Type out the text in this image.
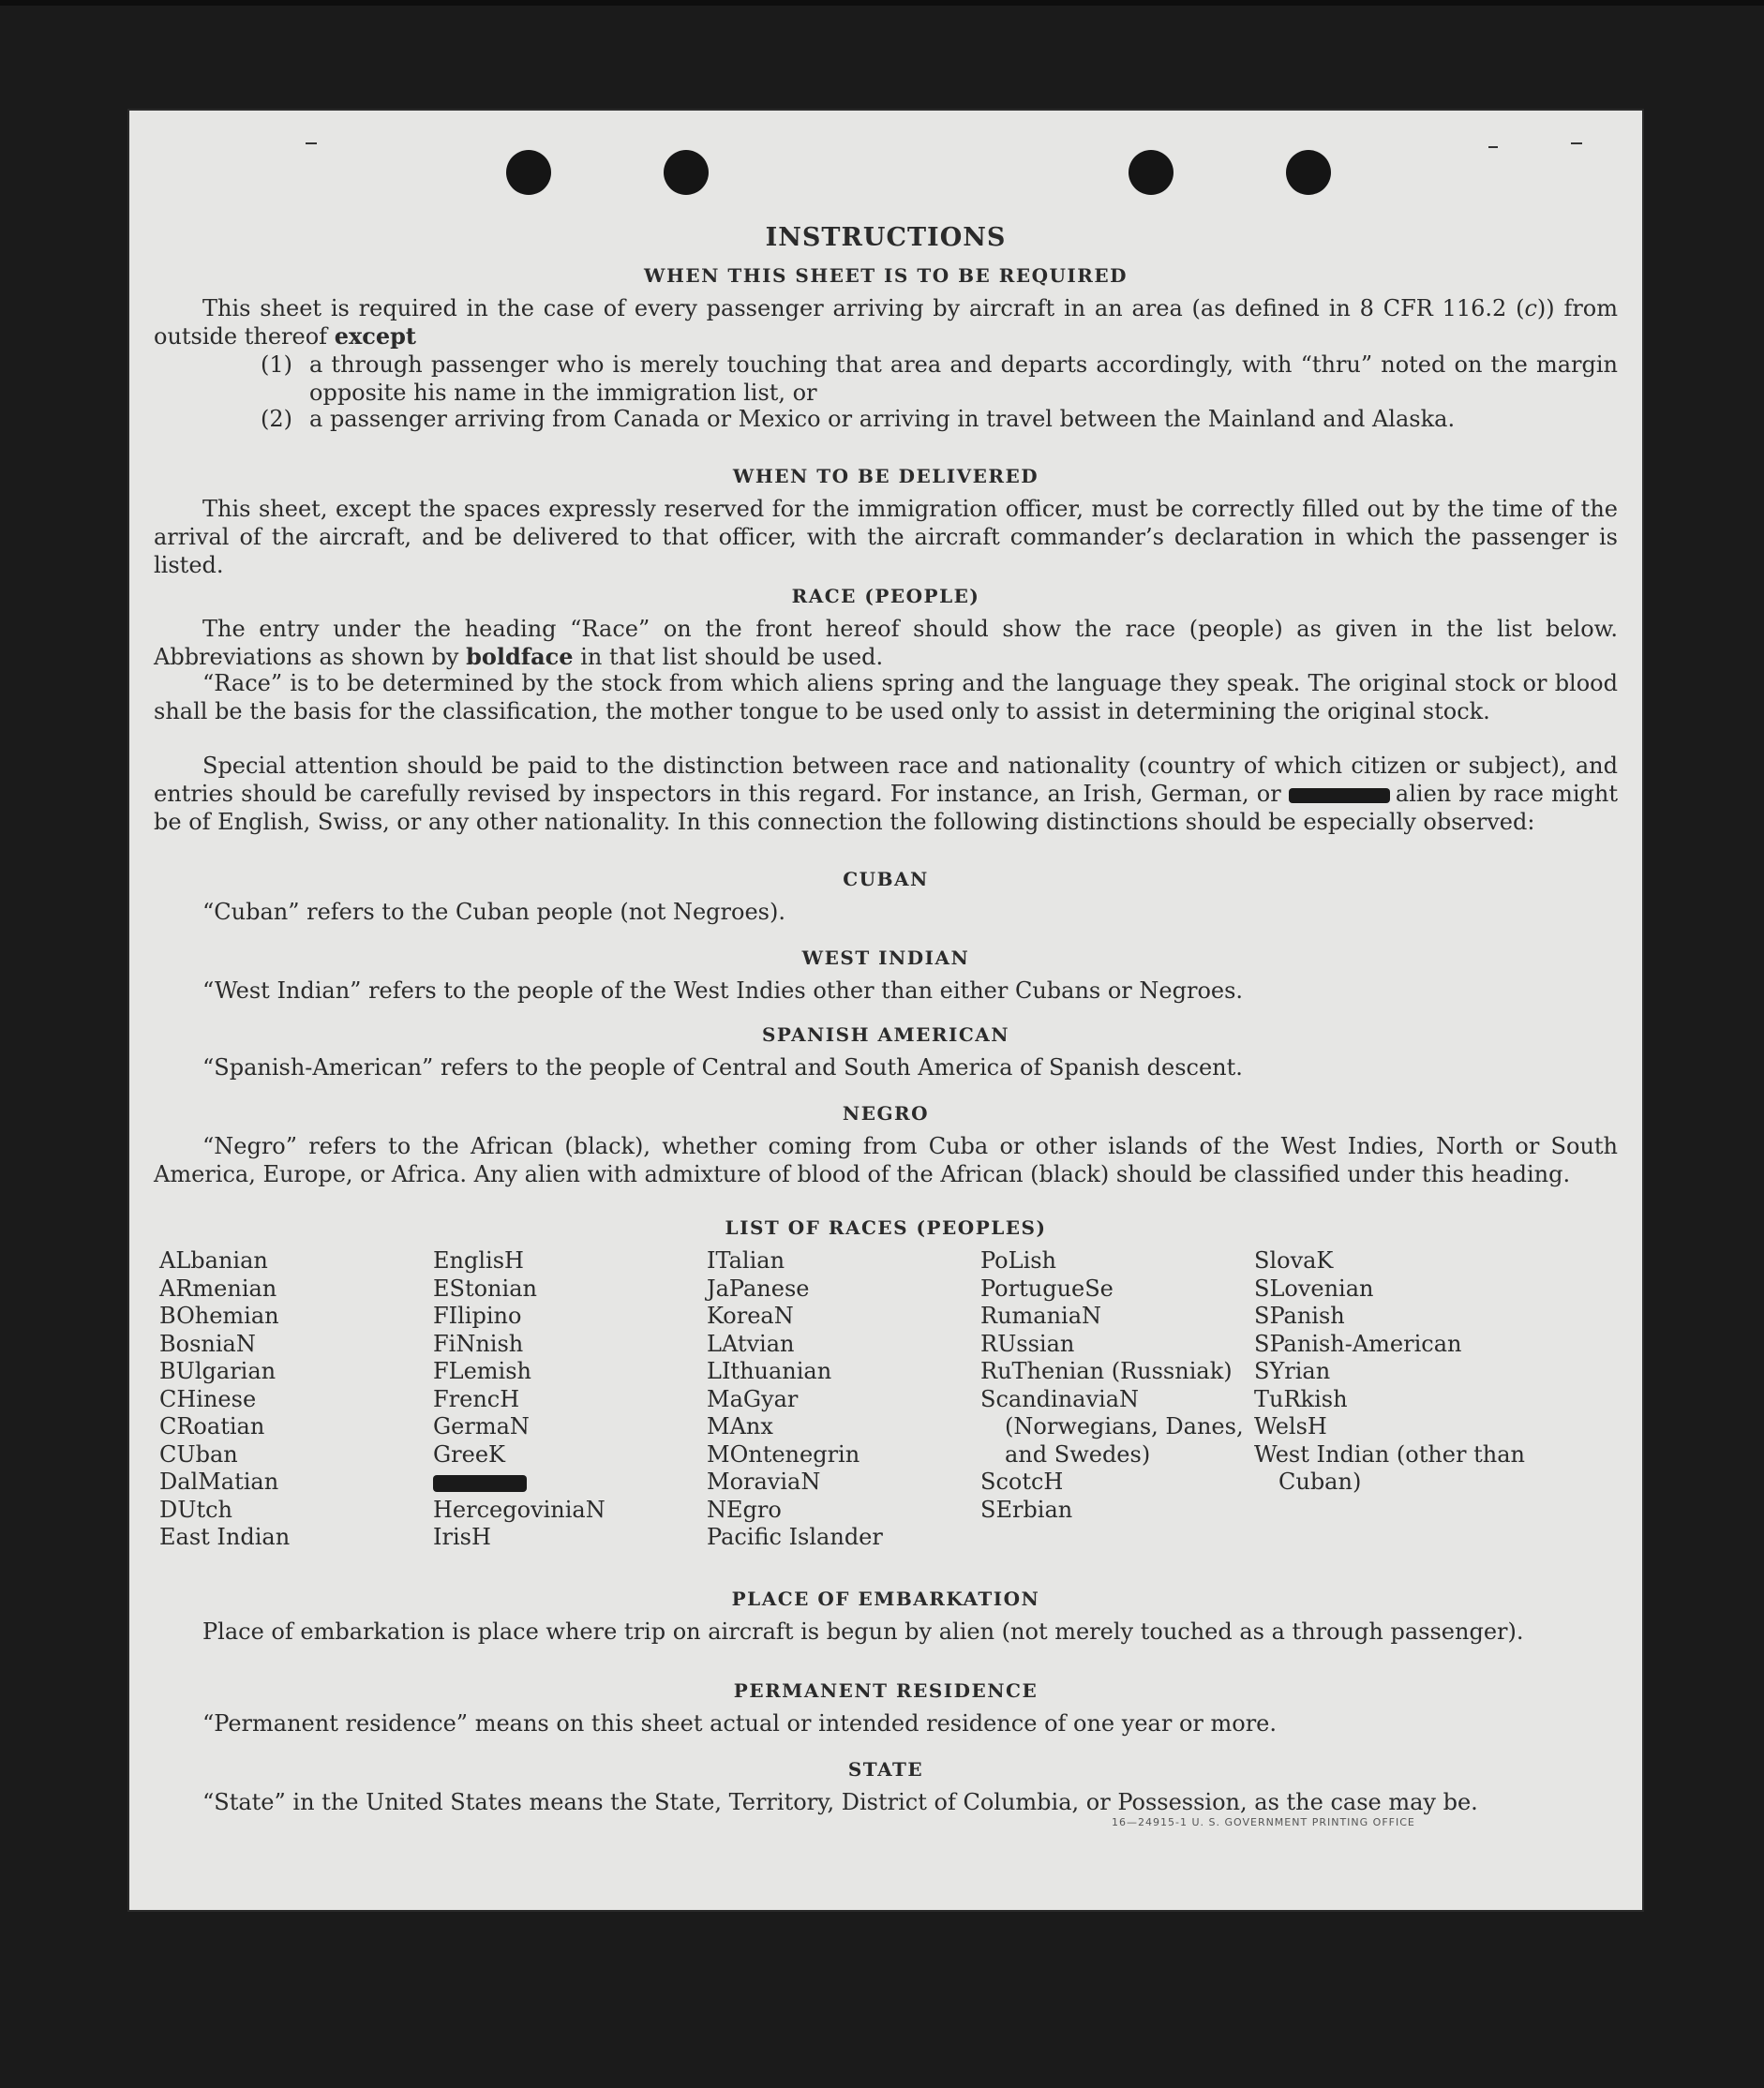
INSTRUCTIONS
WHEN THIS SHEET IS TO BE REQUIRED
This sheet is required in the case of every passenger arriving by aircraft in an area (as defined in 8 CFR 116.2 (c)) from outside thereof except
(1) a through passenger who is merely touching that area and departs accordingly, with “thru” noted on the margin opposite his name in the immigration list, or
(2) a passenger arriving from Canada or Mexico or arriving in travel between the Mainland and Alaska.
WHEN TO BE DELIVERED
This sheet, except the spaces expressly reserved for the immigration officer, must be correctly filled out by the time of the arrival of the aircraft, and be delivered to that officer, with the aircraft commander’s declaration in which the passenger is listed.
RACE (PEOPLE)
The entry under the heading “Race” on the front hereof should show the race (people) as given in the list below. Abbreviations as shown by boldface in that list should be used.
“Race” is to be determined by the stock from which aliens spring and the language they speak. The original stock or blood shall be the basis for the classification, the mother tongue to be used only to assist in determining the original stock.
Special attention should be paid to the distinction between race and nationality (country of which citizen or subject), and entries should be carefully revised by inspectors in this regard. For instance, an Irish, German, or	alien by race might be of English, Swiss, or any other nationality. In this connection the following distinctions should be especially observed:
CUBAN
“Cuban” refers to the Cuban people (not Negroes).
WEST INDIAN
“West Indian” refers to the people of the West Indies other than either Cubans or Negroes.
SPANISH AMERICAN
“Spanish-American” refers to the people of Central and South America of Spanish descent.
NEGRO
“Negro” refers to the African (black), whether coming from Cuba or other islands of the West Indies, North or South America, Europe, or Africa. Any alien with admixture of blood of the African (black) should be classified under this heading.
LIST OF RACES (PEOPLES)
ALbanian
ARmenian
BOhemian
BosniaN
BUlgarian
CHinese
CRoatian
CUban
DalMatian
DUtch
East Indian
EnglisH
EStonian
FIlipino
FiNnish
FLemish
FrencH
GermaN
GreeK
HercegoviniaN
IrisH
ITalian
JaPanese
KoreaN
LAtvian
LIthuanian
MaGyar
MAnx
MOntenegrin
MoraviaN
NEgro
Pacific Islander
PoLish
PortugueSe
RumaniaN
RUssian
RuThenian (Russniak)
ScandinaviaN (Norwegians, Danes, and Swedes)
ScotcH
SErbian
SlovaK
SLovenian
SPanish
SPanish-American
SYrian
TuRkish
WelsH
West Indian (other than Cuban)
PLACE OF EMBARKATION
Place of embarkation is place where trip on aircraft is begun by alien (not merely touched as a through passenger).
PERMANENT RESIDENCE
“Permanent residence” means on this sheet actual or intended residence of one year or more.
STATE
“State” in the United States means the State, Territory, District of Columbia, or Possession, as the case may be.
16—24915-1 U. S. GOVERNMENT PRINTING OFFICE
